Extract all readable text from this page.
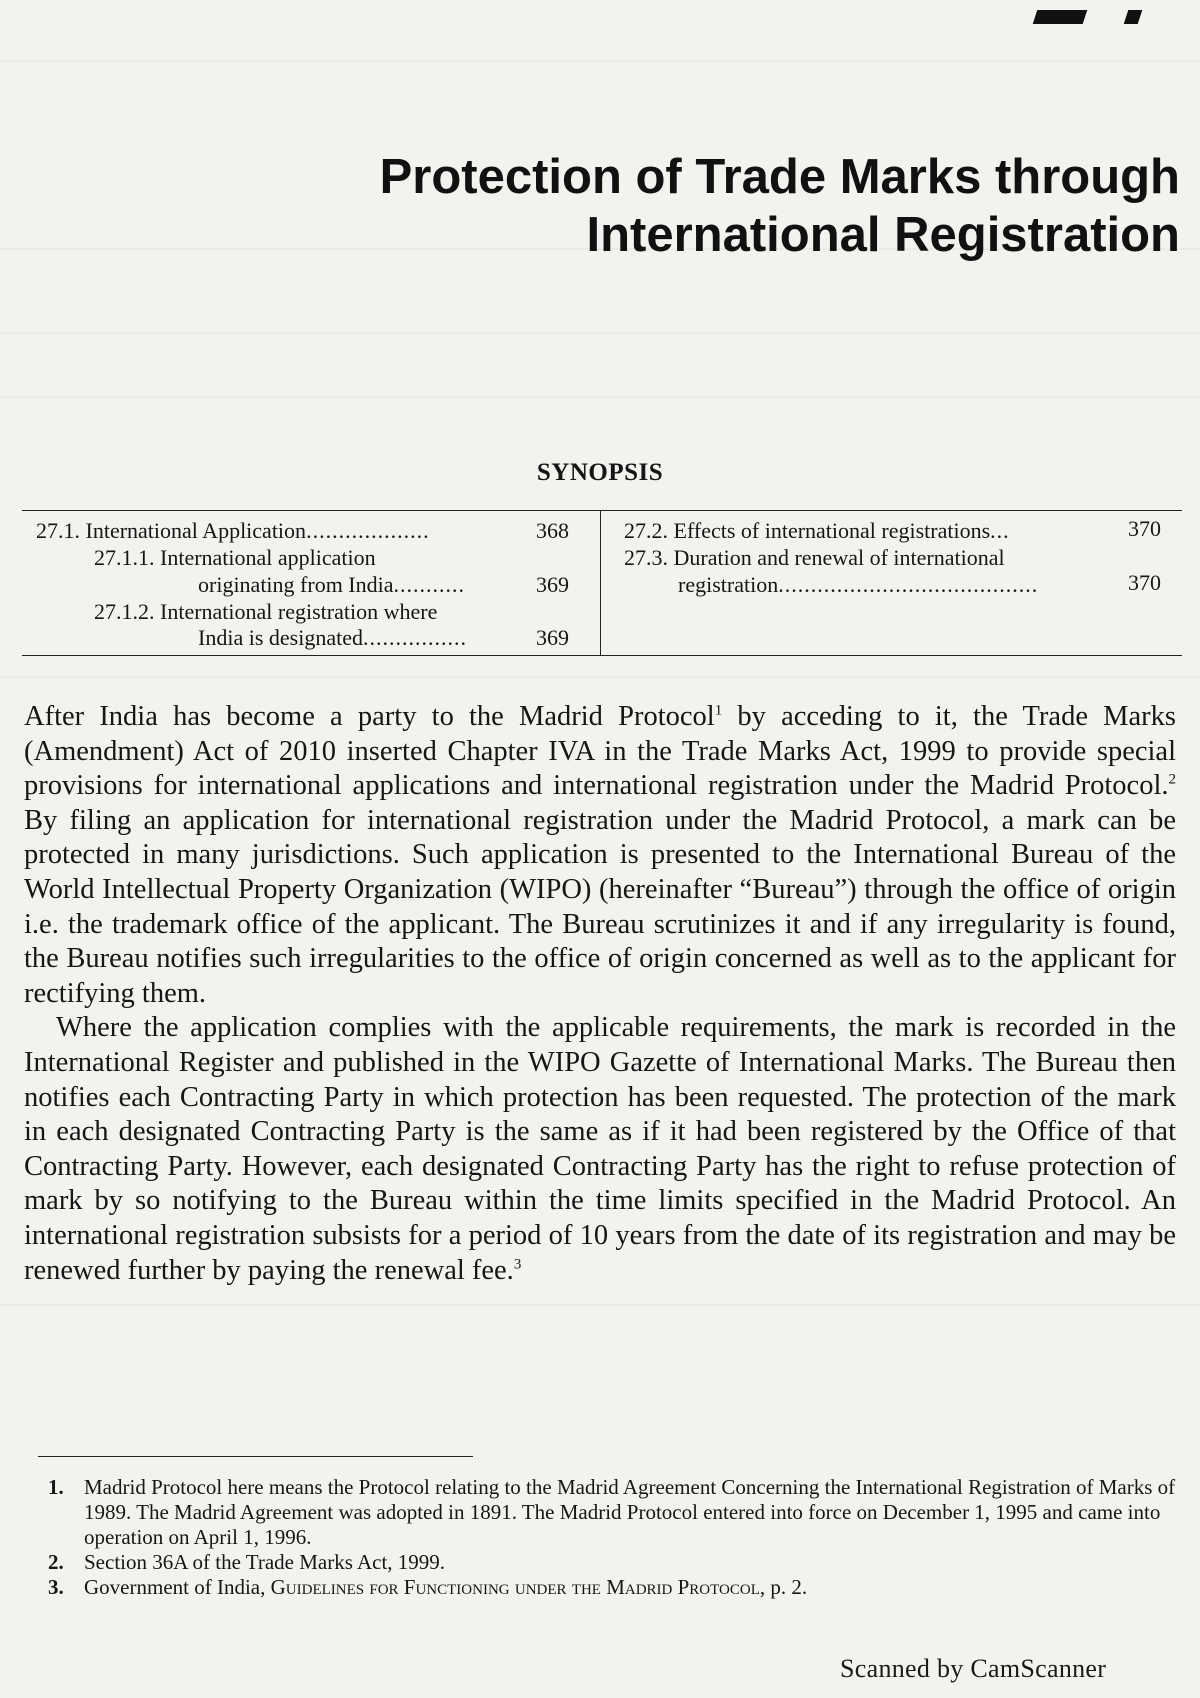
Protection of Trade Marks through
International Registration
SYNOPSIS
27.1. International Application...................	368
27.1.1. International application
originating from India...........	369
27.1.2. International registration where
India is designated................	369
27.2. Effects of international registrations...	370
27.3. Duration and renewal of international
registration........................................	370

After India has become a party to the Madrid Protocol$^1$ by acceding to it, the Trade Marks (Amendment) Act of 2010 inserted Chapter IVA in the Trade Marks Act, 1999 to provide special provisions for international applications and international registration under the Madrid Protocol.$^2$ By filing an application for international registration under the Madrid Protocol, a mark can be protected in many jurisdictions. Such application is presented to the International Bureau of the World Intellectual Property Organization (WIPO) (hereinafter “Bureau”) through the office of origin i.e. the trademark office of the applicant. The Bureau scrutinizes it and if any irregularity is found, the Bureau notifies such irregularities to the office of origin concerned as well as to the applicant for rectifying them.

Where the application complies with the applicable requirements, the mark is recorded in the International Register and published in the WIPO Gazette of International Marks. The Bureau then notifies each Contracting Party in which protection has been requested. The protection of the mark in each designated Contracting Party is the same as if it had been registered by the Office of that Contracting Party. However, each designated Contracting Party has the right to refuse protection of mark by so notifying to the Bureau within the time limits specified in the Madrid Protocol. An international registration subsists for a period of 10 years from the date of its registration and may be renewed further by paying the renewal fee.$^3$

1. Madrid Protocol here means the Protocol relating to the Madrid Agreement Concerning the International Registration of Marks of 1989. The Madrid Agreement was adopted in 1891. The Madrid Protocol entered into force on December 1, 1995 and came into operation on April 1, 1996.
2. Section 36A of the Trade Marks Act, 1999.
3. Government of India, Guidelines for Functioning under the Madrid Protocol, p. 2.
Scanned by CamScanner
